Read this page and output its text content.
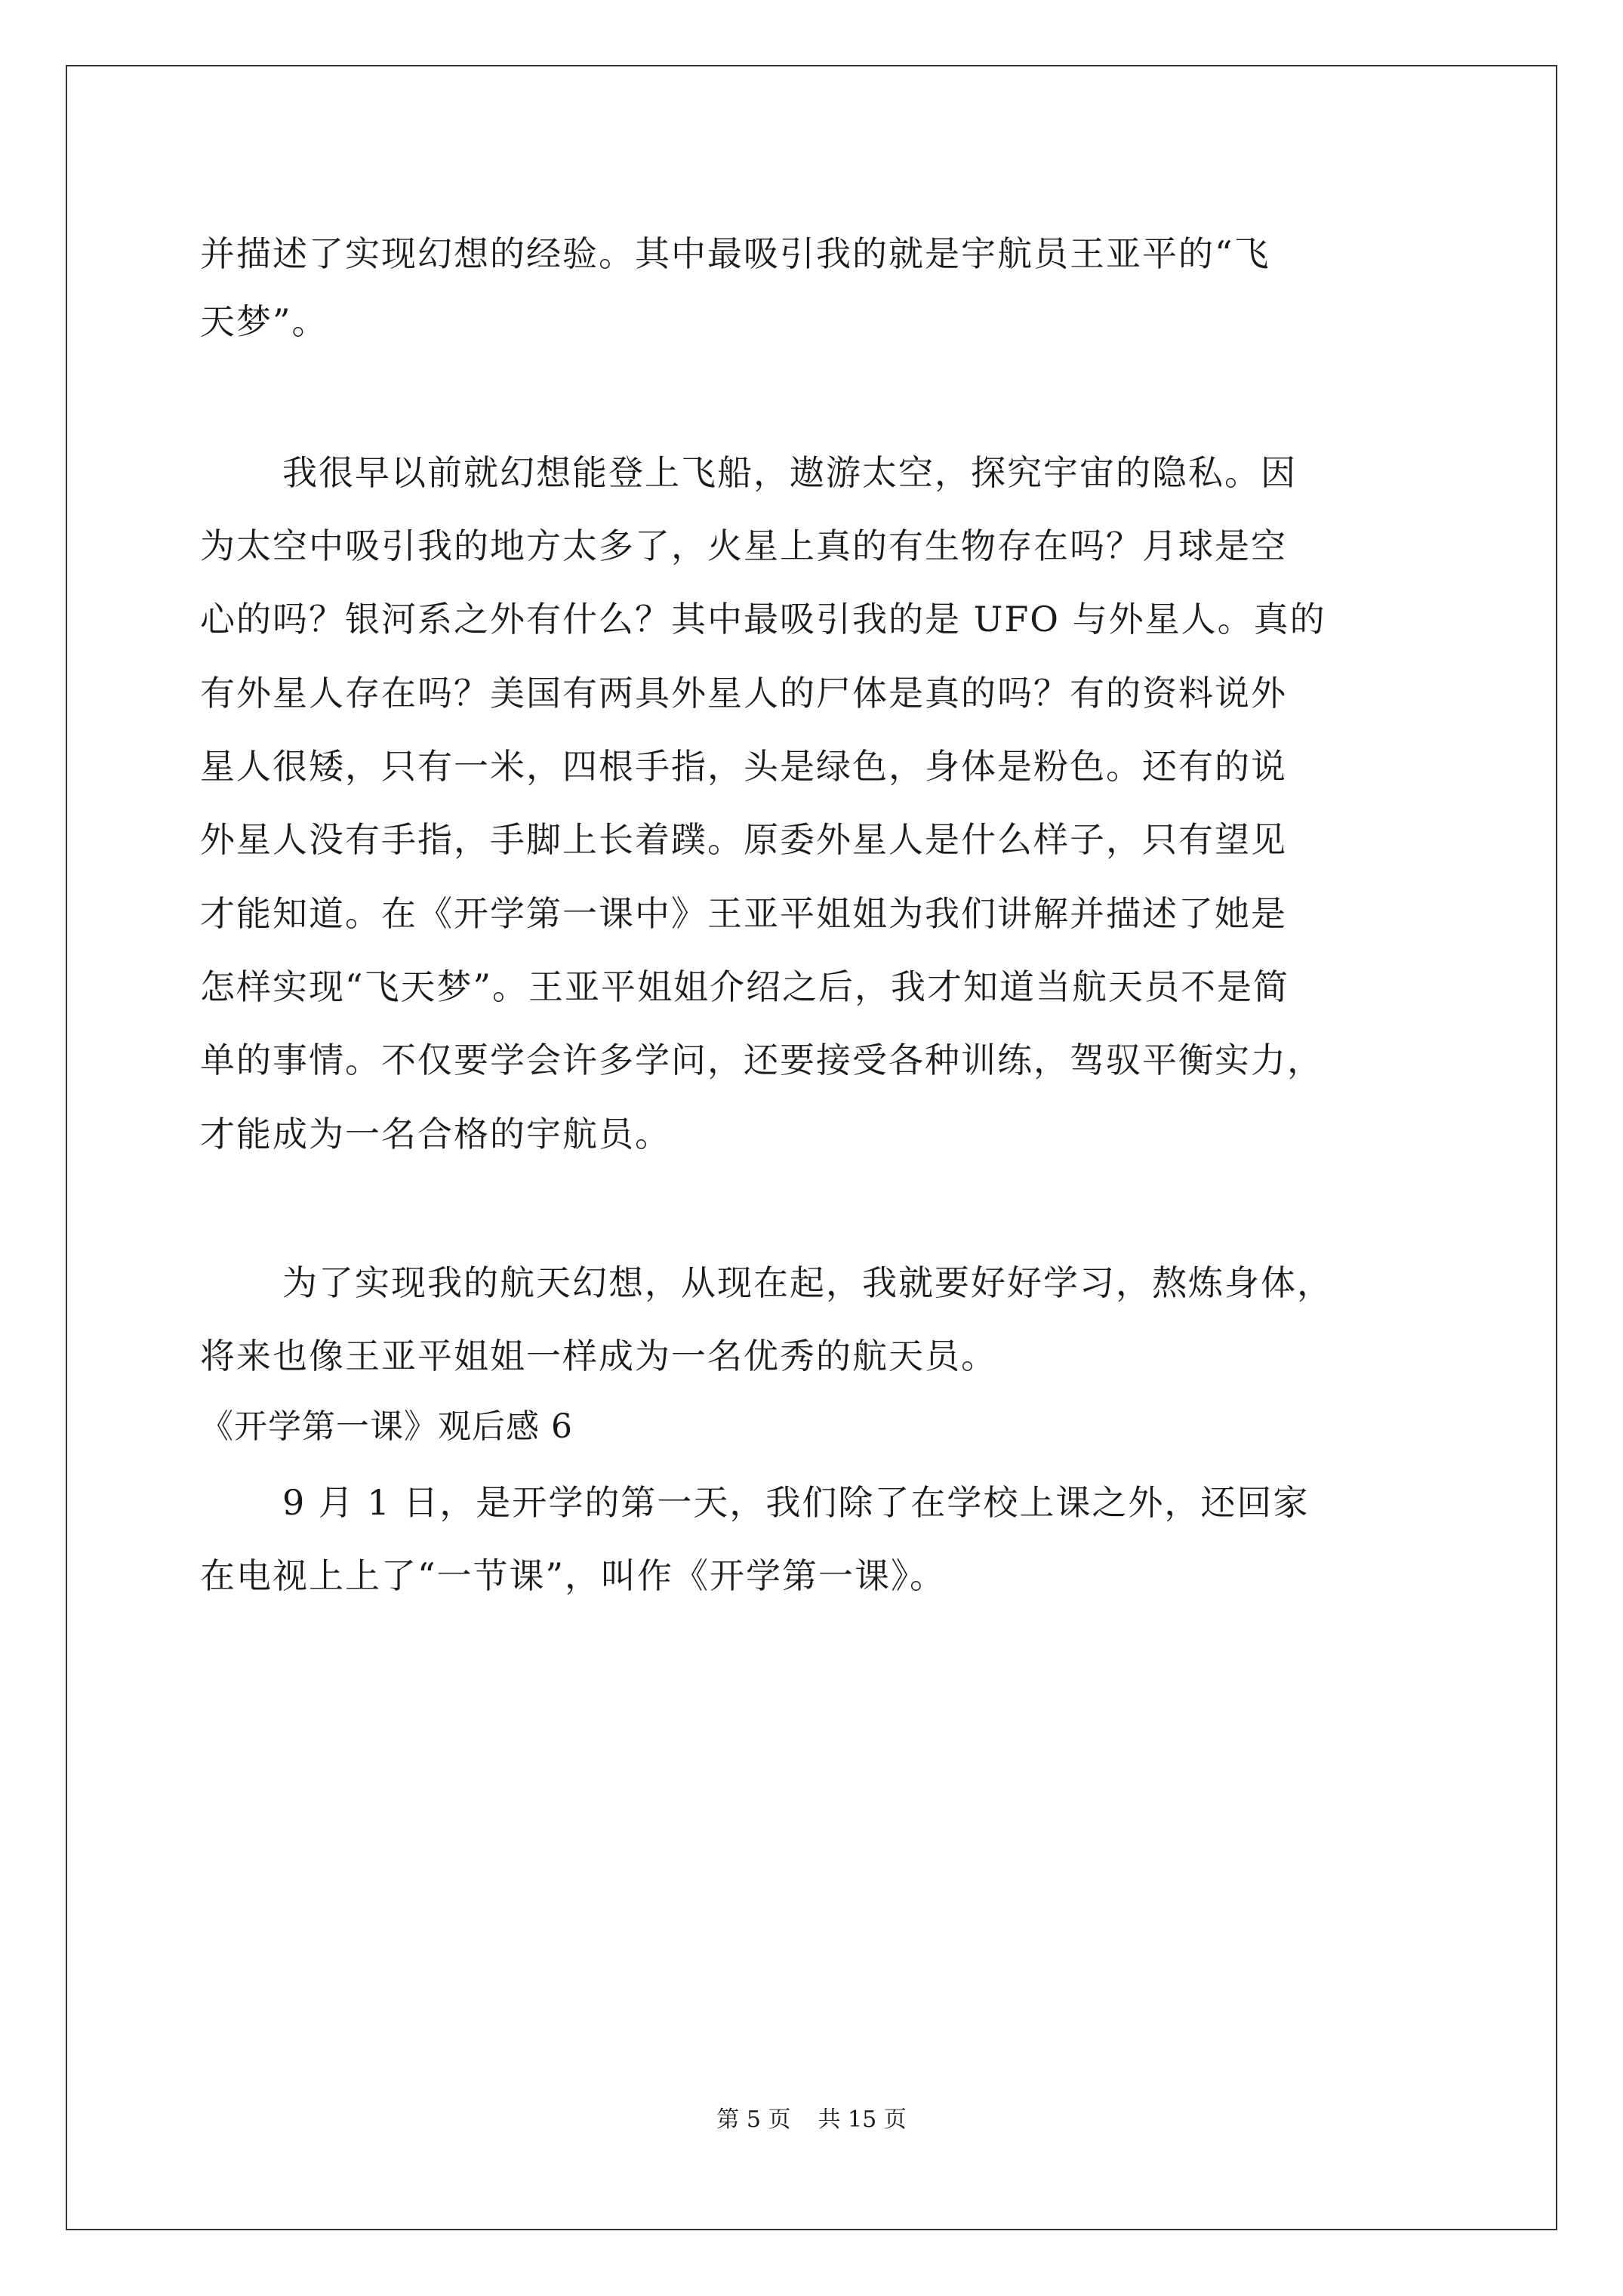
并描述了实现幻想的经验。其中最吸引我的就是宇航员王亚平的“飞
天梦”。
我很早以前就幻想能登上飞船，遨游太空，探究宇宙的隐私。因
为太空中吸引我的地方太多了，火星上真的有生物存在吗？月球是空
心的吗？银河系之外有什么？其中最吸引我的是 UFO 与外星人。真的
有外星人存在吗？美国有两具外星人的尸体是真的吗？有的资料说外
星人很矮，只有一米，四根手指，头是绿色，身体是粉色。还有的说
外星人没有手指，手脚上长着蹼。原委外星人是什么样子，只有望见
才能知道。在《开学第一课中》王亚平姐姐为我们讲解并描述了她是
怎样实现“飞天梦”。王亚平姐姐介绍之后，我才知道当航天员不是简
单的事情。不仅要学会许多学问，还要接受各种训练，驾驭平衡实力，
才能成为一名合格的宇航员。
为了实现我的航天幻想，从现在起，我就要好好学习，熬炼身体，
将来也像王亚平姐姐一样成为一名优秀的航天员。
《开学第一课》观后感 6
9 月 1 日，是开学的第一天，我们除了在学校上课之外，还回家
在电视上上了“一节课”，叫作《开学第一课》。
第 5 页 共 15 页
